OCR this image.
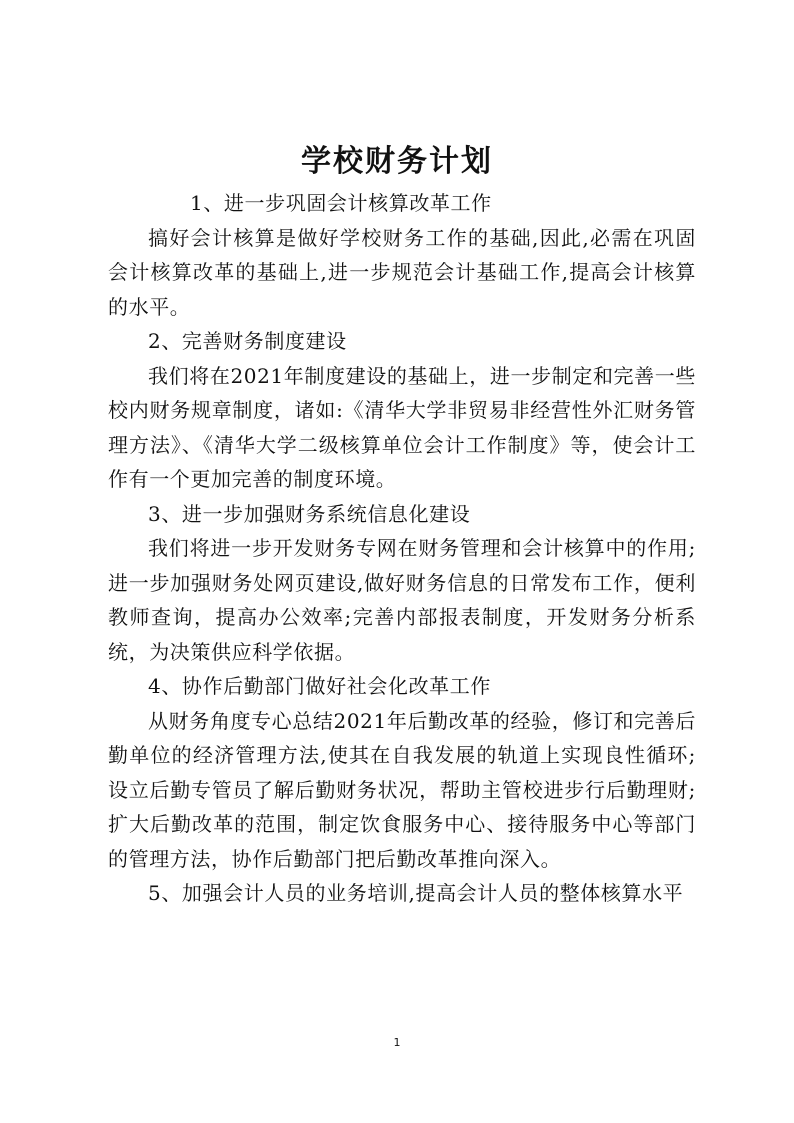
学校财务计划

1、进一步巩固会计核算改革工作

搞好会计核算是做好学校财务工作的基础,因此,必需在巩固会计核算改革的基础上,进一步规范会计基础工作,提高会计核算的水平。

2、完善财务制度建设

我们将在2021年制度建设的基础上，进一步制定和完善一些校内财务规章制度，诸如:《清华大学非贸易非经营性外汇财务管理方法》、《清华大学二级核算单位会计工作制度》等，使会计工作有一个更加完善的制度环境。

3、进一步加强财务系统信息化建设

我们将进一步开发财务专网在财务管理和会计核算中的作用;进一步加强财务处网页建设,做好财务信息的日常发布工作，便利教师查询，提高办公效率;完善内部报表制度，开发财务分析系统，为决策供应科学依据。

4、协作后勤部门做好社会化改革工作

从财务角度专心总结2021年后勤改革的经验，修订和完善后勤单位的经济管理方法,使其在自我发展的轨道上实现良性循环;设立后勤专管员了解后勤财务状况，帮助主管校进步行后勤理财;扩大后勤改革的范围，制定饮食服务中心、接待服务中心等部门的管理方法，协作后勤部门把后勤改革推向深入。

5、加强会计人员的业务培训,提高会计人员的整体核算水平

1
